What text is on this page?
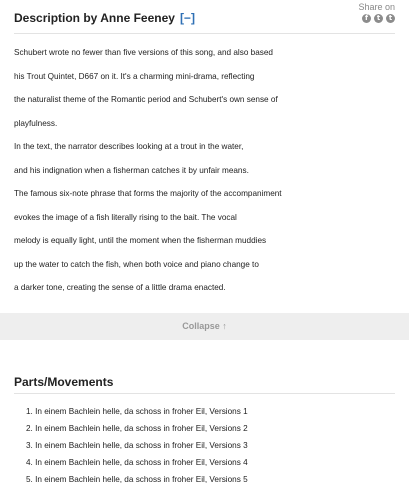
Description by Anne Feeney [−]
Share on
f	t	t

Schubert wrote no fewer than five versions of this song, and also based

his Trout Quintet, D667 on it. It's a charming mini-drama, reflecting

the naturalist theme of the Romantic period and Schubert's own sense of

playfulness.

In the text, the narrator describes looking at a trout in the water,

and his indignation when a fisherman catches it by unfair means.

The famous six-note phrase that forms the majority of the accompaniment

evokes the image of a fish literally rising to the bait. The vocal

melody is equally light, until the moment when the fisherman muddies

up the water to catch the fish, when both voice and piano change to

a darker tone, creating the sense of a little drama enacted.

Collapse ↑
Parts/Movements
1. In einem Bachlein helle, da schoss in froher Eil, Versions 1
2. In einem Bachlein helle, da schoss in froher Eil, Versions 2
3. In einem Bachlein helle, da schoss in froher Eil, Versions 3
4. In einem Bachlein helle, da schoss in froher Eil, Versions 4
5. In einem Bachlein helle, da schoss in froher Eil, Versions 5
